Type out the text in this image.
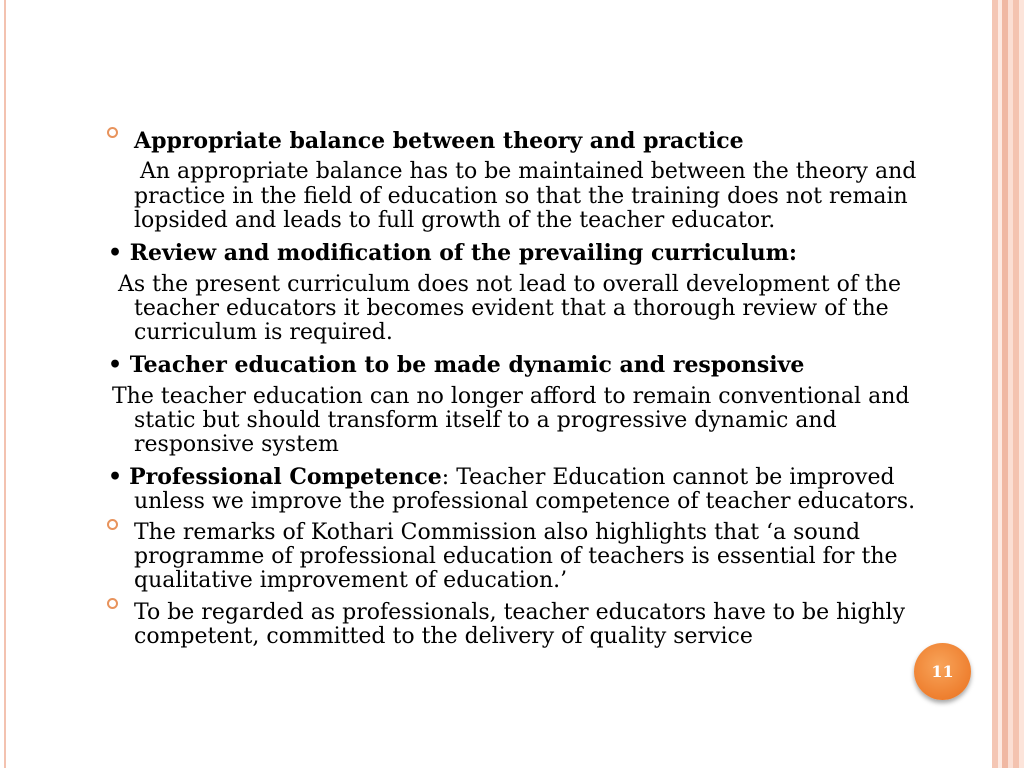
Appropriate balance between theory and practice
An appropriate balance has to be maintained between the theory and
practice in the field of education so that the training does not remain
lopsided and leads to full growth of the teacher educator.
• Review and modification of the prevailing curriculum:
As the present curriculum does not lead to overall development of the
teacher educators it becomes evident that a thorough review of the
curriculum is required.
• Teacher education to be made dynamic and responsive
The teacher education can no longer afford to remain conventional and
static but should transform itself to a progressive dynamic and
responsive system
• Professional Competence: Teacher Education cannot be improved
unless we improve the professional competence of teacher educators.
The remarks of Kothari Commission also highlights that ‘a sound
programme of professional education of teachers is essential for the
qualitative improvement of education.’
To be regarded as professionals, teacher educators have to be highly
competent, committed to the delivery of quality service
11
